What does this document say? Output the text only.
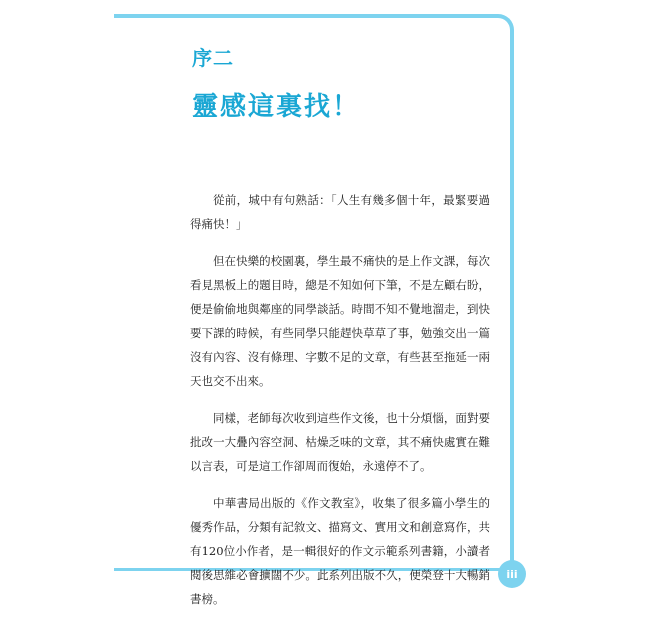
iii
序二
靈感這裏找！

從前，城中有句熟話：「人生有幾多個十年，最緊要過得痛快！」

但在快樂的校園裏，學生最不痛快的是上作文課，每次看見黑板上的題目時，總是不知如何下筆，不是左顧右盼，便是偷偷地與鄰座的同學談話。時間不知不覺地溜走，到快要下課的時候，有些同學只能趕快草草了事，勉強交出一篇沒有內容、沒有條理、字數不足的文章，有些甚至拖延一兩天也交不出來。

同樣，老師每次收到這些作文後，也十分煩惱，面對要批改一大疊內容空洞、枯燥乏味的文章，其不痛快處實在難以言表，可是這工作卻周而復始，永遠停不了。

中華書局出版的《作文教室》，收集了很多篇小學生的優秀作品，分類有記敘文、描寫文、實用文和創意寫作，共有120位小作者，是一輯很好的作文示範系列書籍，小讀者閱後思維必會擴闊不少。此系列出版不久，便榮登十大暢銷書榜。
